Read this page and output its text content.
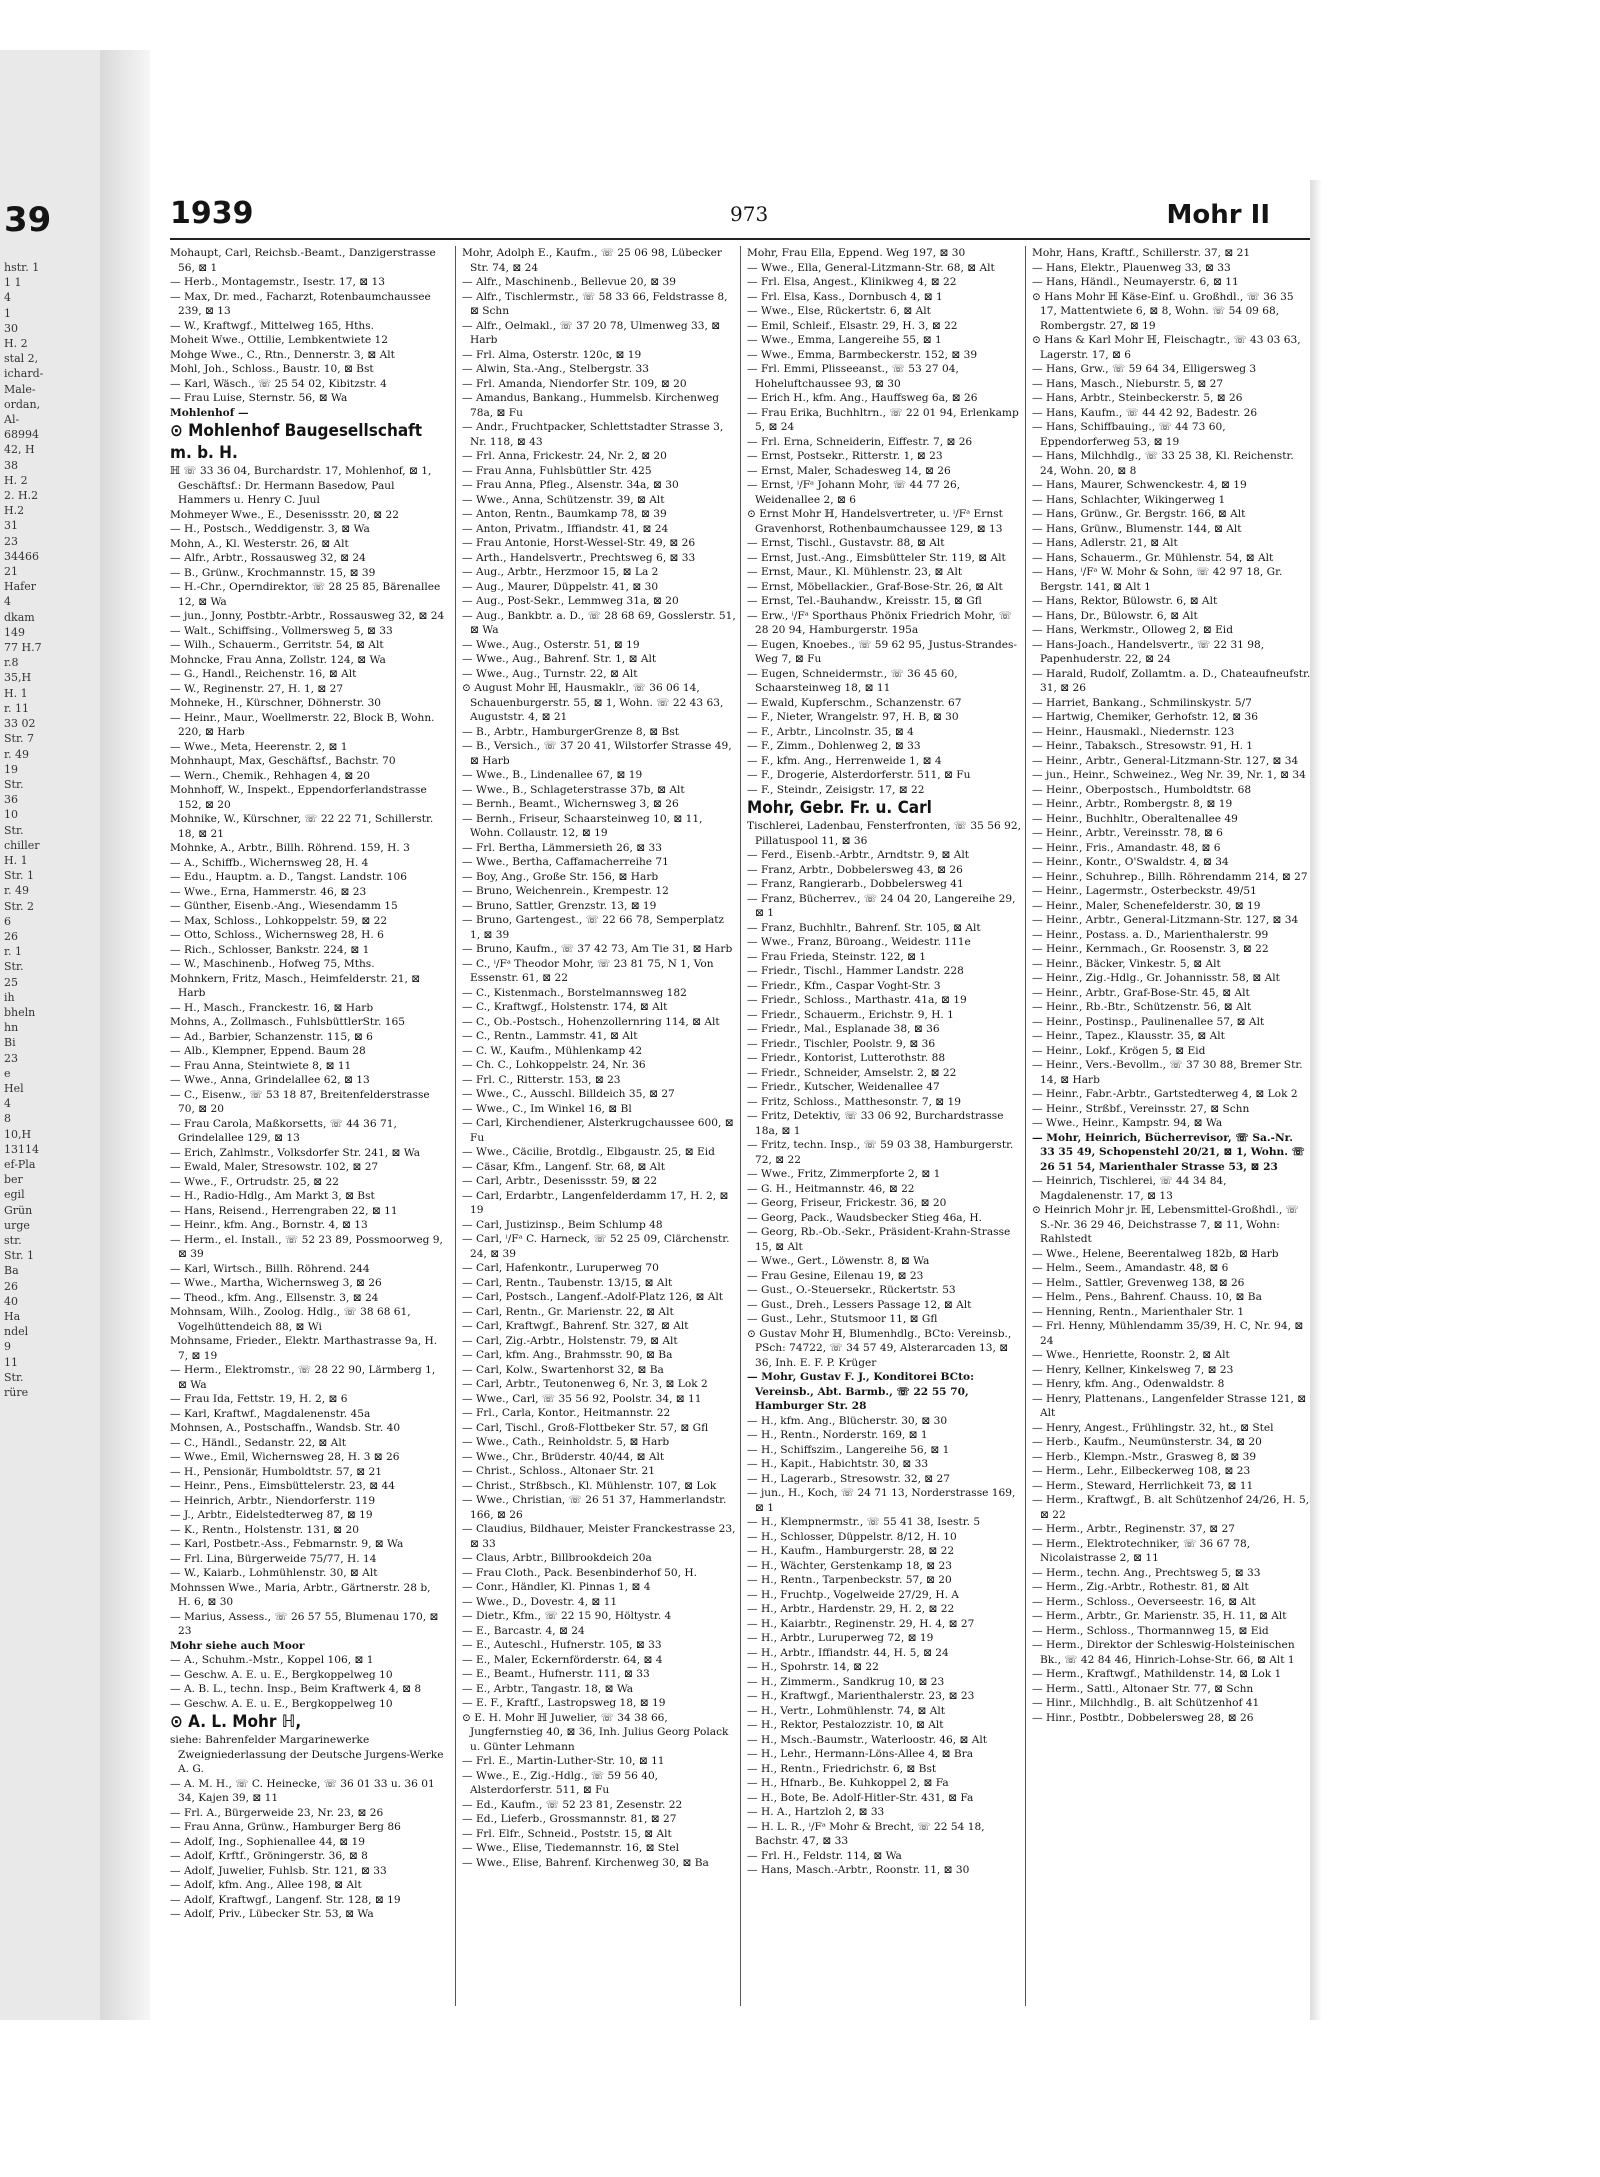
39
hstr. 1
1 1
4
1
30
H. 2
stal 2,
ichard-
Male-
ordan,
Al-
68994
42, H
38
H. 2
2. H.2
H.2
31
23
34466
21
Hafer
4
dkam
149
77 H.7
r.8
35,H
H. 1
r. 11
33 02
Str. 7
r. 49
19
Str.
36
10
Str.
chiller
H. 1
Str. 1
r. 49
Str. 2
6
26
r. 1
Str.
25
ih
bheln
hn
Bi
23
e
Hel
4
8
10,H
13114
ef-Pla
ber
egil
Grün
urge
str.
Str. 1
Ba
26
40
Ha
ndel
9
11
Str.
rüre
1939	973	Mohr II

Mohaupt, Carl, Reichsb.-Beamt., Danzigerstrasse 56, ⊠ 1

— Herb., Montagemstr., Isestr. 17, ⊠ 13

— Max, Dr. med., Facharzt, Rotenbaumchaussee 239, ⊠ 13

— W., Kraftwgf., Mittelweg 165, Hths.

Moheit Wwe., Ottilie, Lembkentwiete 12

Mohge Wwe., C., Rtn., Dennerstr. 3, ⊠ Alt

Mohl, Joh., Schloss., Baustr. 10, ⊠ Bst

— Karl, Wäsch., ☏ 25 54 02, Kibitzstr. 4

— Frau Luise, Sternstr. 56, ⊠ Wa

Mohlenhof —

⊙ Mohlenhof Baugesellschaft m. b. H.

ℍ ☏ 33 36 04, Burchardstr. 17, Mohlenhof, ⊠ 1, Geschäftsf.: Dr. Hermann Basedow, Paul Hammers u. Henry C. Juul

Mohmeyer Wwe., E., Desenissstr. 20, ⊠ 22

— H., Postsch., Weddigenstr. 3, ⊠ Wa

Mohn, A., Kl. Westerstr. 26, ⊠ Alt

— Alfr., Arbtr., Rossausweg 32, ⊠ 24

— B., Grünw., Krochmannstr. 15, ⊠ 39

— H.-Chr., Operndirektor, ☏ 28 25 85, Bärenallee 12, ⊠ Wa

— jun., Jonny, Postbtr.-Arbtr., Rossausweg 32, ⊠ 24

— Walt., Schiffsing., Vollmersweg 5, ⊠ 33

— Wilh., Schauerm., Gerritstr. 54, ⊠ Alt

Mohncke, Frau Anna, Zollstr. 124, ⊠ Wa

— G., Handl., Reichenstr. 16, ⊠ Alt

— W., Reginenstr. 27, H. 1, ⊠ 27

Mohneke, H., Kürschner, Döhnerstr. 30

— Heinr., Maur., Woellmerstr. 22, Block B, Wohn. 220, ⊠ Harb

— Wwe., Meta, Heerenstr. 2, ⊠ 1

Mohnhaupt, Max, Geschäftsf., Bachstr. 70

— Wern., Chemik., Rehhagen 4, ⊠ 20

Mohnhoff, W., Inspekt., Eppendorferlandstrasse 152, ⊠ 20

Mohnike, W., Kürschner, ☏ 22 22 71, Schillerstr. 18, ⊠ 21

Mohnke, A., Arbtr., Billh. Röhrend. 159, H. 3

— A., Schiffb., Wichernsweg 28, H. 4

— Edu., Hauptm. a. D., Tangst. Landstr. 106

— Wwe., Erna, Hammerstr. 46, ⊠ 23

— Günther, Eisenb.-Ang., Wiesendamm 15

— Max, Schloss., Lohkoppelstr. 59, ⊠ 22

— Otto, Schloss., Wichernsweg 28, H. 6

— Rich., Schlosser, Bankstr. 224, ⊠ 1

— W., Maschinenb., Hofweg 75, Mths.

Mohnkern, Fritz, Masch., Heimfelderstr. 21, ⊠ Harb

— H., Masch., Franckestr. 16, ⊠ Harb

Mohns, A., Zollmasch., FuhlsbüttlerStr. 165

— Ad., Barbier, Schanzenstr. 115, ⊠ 6

— Alb., Klempner, Eppend. Baum 28

— Frau Anna, Steintwiete 8, ⊠ 11

— Wwe., Anna, Grindelallee 62, ⊠ 13

— C., Eisenw., ☏ 53 18 87, Breitenfelderstrasse 70, ⊠ 20

— Frau Carola, Maßkorsetts, ☏ 44 36 71, Grindelallee 129, ⊠ 13

— Erich, Zahlmstr., Volksdorfer Str. 241, ⊠ Wa

— Ewald, Maler, Stresowstr. 102, ⊠ 27

— Wwe., F., Ortrudstr. 25, ⊠ 22

— H., Radio-Hdlg., Am Markt 3, ⊠ Bst

— Hans, Reisend., Herrengraben 22, ⊠ 11

— Heinr., kfm. Ang., Bornstr. 4, ⊠ 13

— Herm., el. Install., ☏ 52 23 89, Possmoorweg 9, ⊠ 39

— Karl, Wirtsch., Billh. Röhrend. 244

— Wwe., Martha, Wichernsweg 3, ⊠ 26

— Theod., kfm. Ang., Ellsenstr. 3, ⊠ 24

Mohnsam, Wilh., Zoolog. Hdlg., ☏ 38 68 61, Vogelhüttendeich 88, ⊠ Wi

Mohnsame, Frieder., Elektr. Marthastrasse 9a, H. 7, ⊠ 19

— Herm., Elektromstr., ☏ 28 22 90, Lärmberg 1, ⊠ Wa

— Frau Ida, Fettstr. 19, H. 2, ⊠ 6

— Karl, Kraftwf., Magdalenenstr. 45a

Mohnsen, A., Postschaffn., Wandsb. Str. 40

— C., Händl., Sedanstr. 22, ⊠ Alt

— Wwe., Emil, Wichernsweg 28, H. 3 ⊠ 26

— H., Pensionär, Humboldtstr. 57, ⊠ 21

— Heinr., Pens., Eimsbüttelerstr. 23, ⊠ 44

— Heinrich, Arbtr., Niendorferstr. 119

— J., Arbtr., Eidelstedterweg 87, ⊠ 19

— K., Rentn., Holstenstr. 131, ⊠ 20

— Karl, Postbetr.-Ass., Febmarnstr. 9, ⊠ Wa

— Frl. Lina, Bürgerweide 75/77, H. 14

— W., Kaiarb., Lohmühlenstr. 30, ⊠ Alt

Mohnssen Wwe., Maria, Arbtr., Gärtnerstr. 28 b, H. 6, ⊠ 30

— Marius, Assess., ☏ 26 57 55, Blumenau 170, ⊠ 23

Mohr siehe auch Moor

— A., Schuhm.-Mstr., Koppel 106, ⊠ 1

— Geschw. A. E. u. E., Bergkoppelweg 10

— A. B. L., techn. Insp., Beim Kraftwerk 4, ⊠ 8

— Geschw. A. E. u. E., Bergkoppelweg 10

⊙ A. L. Mohr ℍ,

siehe: Bahrenfelder Margarinewerke Zweigniederlassung der Deutsche Jurgens-Werke A. G.

— A. M. H., ☏ C. Heinecke, ☏ 36 01 33 u. 36 01 34, Kajen 39, ⊠ 11

— Frl. A., Bürgerweide 23, Nr. 23, ⊠ 26

— Frau Anna, Grünw., Hamburger Berg 86

— Adolf, Ing., Sophienallee 44, ⊠ 19

— Adolf, Krftf., Gröningerstr. 36, ⊠ 8

— Adolf, Juwelier, Fuhlsb. Str. 121, ⊠ 33

— Adolf, kfm. Ang., Allee 198, ⊠ Alt

— Adolf, Kraftwgf., Langenf. Str. 128, ⊠ 19

— Adolf, Priv., Lübecker Str. 53, ⊠ Wa

Mohr, Adolph E., Kaufm., ☏ 25 06 98, Lübecker Str. 74, ⊠ 24

— Alfr., Maschinenb., Bellevue 20, ⊠ 39

— Alfr., Tischlermstr., ☏ 58 33 66, Feldstrasse 8, ⊠ Schn

— Alfr., Oelmakl., ☏ 37 20 78, Ulmenweg 33, ⊠ Harb

— Frl. Alma, Osterstr. 120c, ⊠ 19

— Alwin, Sta.-Ang., Stelbergstr. 33

— Frl. Amanda, Niendorfer Str. 109, ⊠ 20

— Amandus, Bankang., Hummelsb. Kirchenweg 78a, ⊠ Fu

— Andr., Fruchtpacker, Schlettstadter Strasse 3, Nr. 118, ⊠ 43

— Frl. Anna, Frickestr. 24, Nr. 2, ⊠ 20

— Frau Anna, Fuhlsbüttler Str. 425

— Frau Anna, Pfleg., Alsenstr. 34a, ⊠ 30

— Wwe., Anna, Schützenstr. 39, ⊠ Alt

— Anton, Rentn., Baumkamp 78, ⊠ 39

— Anton, Privatm., Iffiandstr. 41, ⊠ 24

— Frau Antonie, Horst-Wessel-Str. 49, ⊠ 26

— Arth., Handelsvertr., Prechtsweg 6, ⊠ 33

— Aug., Arbtr., Herzmoor 15, ⊠ La 2

— Aug., Maurer, Düppelstr. 41, ⊠ 30

— Aug., Post-Sekr., Lemmweg 31a, ⊠ 20

— Aug., Bankbtr. a. D., ☏ 28 68 69, Gosslerstr. 51, ⊠ Wa

— Wwe., Aug., Osterstr. 51, ⊠ 19

— Wwe., Aug., Bahrenf. Str. 1, ⊠ Alt

— Wwe., Aug., Turnstr. 22, ⊠ Alt

⊙ August Mohr ℍ, Hausmaklr., ☏ 36 06 14, Schauenburgerstr. 55, ⊠ 1, Wohn. ☏ 22 43 63, Auguststr. 4, ⊠ 21

— B., Arbtr., HamburgerGrenze 8, ⊠ Bst

— B., Versich., ☏ 37 20 41, Wilstorfer Strasse 49, ⊠ Harb

— Wwe., B., Lindenallee 67, ⊠ 19

— Wwe., B., Schlageterstrasse 37b, ⊠ Alt

— Bernh., Beamt., Wichernsweg 3, ⊠ 26

— Bernh., Friseur, Schaarsteinweg 10, ⊠ 11, Wohn. Collaustr. 12, ⊠ 19

— Frl. Bertha, Lämmersieth 26, ⊠ 33

— Wwe., Bertha, Caffamacherreihe 71

— Boy, Ang., Große Str. 156, ⊠ Harb

— Bruno, Weichenrein., Krempestr. 12

— Bruno, Sattler, Grenzstr. 13, ⊠ 19

— Bruno, Gartengest., ☏ 22 66 78, Semperplatz 1, ⊠ 39

— Bruno, Kaufm., ☏ 37 42 73, Am Tie 31, ⊠ Harb

— C., ⁱ/Fᵃ Theodor Mohr, ☏ 23 81 75, N 1, Von Essenstr. 61, ⊠ 22

— C., Kistenmach., Borstelmannsweg 182

— C., Kraftwgf., Holstenstr. 174, ⊠ Alt

— C., Ob.-Postsch., Hohenzollernring 114, ⊠ Alt

— C., Rentn., Lammstr. 41, ⊠ Alt

— C. W., Kaufm., Mühlenkamp 42

— Ch. C., Lohkoppelstr. 24, Nr. 36

— Frl. C., Ritterstr. 153, ⊠ 23

— Wwe., C., Ausschl. Billdeich 35, ⊠ 27

— Wwe., C., Im Winkel 16, ⊠ Bl

— Carl, Kirchendiener, Alsterkrugchaussee 600, ⊠ Fu

— Wwe., Cäcilie, Brotdlg., Elbgaustr. 25, ⊠ Eid

— Cäsar, Kfm., Langenf. Str. 68, ⊠ Alt

— Carl, Arbtr., Desenissstr. 59, ⊠ 22

— Carl, Erdarbtr., Langenfelderdamm 17, H. 2, ⊠ 19

— Carl, Justizinsp., Beim Schlump 48

— Carl, ⁱ/Fᵃ C. Harneck, ☏ 52 25 09, Clärchenstr. 24, ⊠ 39

— Carl, Hafenkontr., Luruperweg 70

— Carl, Rentn., Taubenstr. 13/15, ⊠ Alt

— Carl, Postsch., Langenf.-Adolf-Platz 126, ⊠ Alt

— Carl, Rentn., Gr. Marienstr. 22, ⊠ Alt

— Carl, Kraftwgf., Bahrenf. Str. 327, ⊠ Alt

— Carl, Zig.-Arbtr., Holstenstr. 79, ⊠ Alt

— Carl, kfm. Ang., Brahmsstr. 90, ⊠ Ba

— Carl, Kolw., Swartenhorst 32, ⊠ Ba

— Carl, Arbtr., Teutonenweg 6, Nr. 3, ⊠ Lok 2

— Wwe., Carl, ☏ 35 56 92, Poolstr. 34, ⊠ 11

— Frl., Carla, Kontor., Heitmannstr. 22

— Carl, Tischl., Groß-Flottbeker Str. 57, ⊠ Gfl

— Wwe., Cath., Reinholdstr. 5, ⊠ Harb

— Wwe., Chr., Brüderstr. 40/44, ⊠ Alt

— Christ., Schloss., Altonaer Str. 21

— Christ., Strßbsch., Kl. Mühlenstr. 107, ⊠ Lok

— Wwe., Christian, ☏ 26 51 37, Hammerlandstr. 166, ⊠ 26

— Claudius, Bildhauer, Meister Franckestrasse 23, ⊠ 33

— Claus, Arbtr., Billbrookdeich 20a

— Frau Cloth., Pack. Besenbinderhof 50, H.

— Conr., Händler, Kl. Pinnas 1, ⊠ 4

— Wwe., D., Dovestr. 4, ⊠ 11

— Dietr., Kfm., ☏ 22 15 90, Höltystr. 4

— E., Barcastr. 4, ⊠ 24

— E., Auteschl., Hufnerstr. 105, ⊠ 33

— E., Maler, Eckernförderstr. 64, ⊠ 4

— E., Beamt., Hufnerstr. 111, ⊠ 33

— E., Arbtr., Tangastr. 18, ⊠ Wa

— E. F., Kraftf., Lastropsweg 18, ⊠ 19

⊙ E. H. Mohr ℍ Juwelier, ☏ 34 38 66, Jungfernstieg 40, ⊠ 36, Inh. Julius Georg Polack u. Günter Lehmann

— Frl. E., Martin-Luther-Str. 10, ⊠ 11

— Wwe., E., Zig.-Hdlg., ☏ 59 56 40, Alsterdorferstr. 511, ⊠ Fu

— Ed., Kaufm., ☏ 52 23 81, Zesenstr. 22

— Ed., Lieferb., Grossmannstr. 81, ⊠ 27

— Frl. Elfr., Schneid., Poststr. 15, ⊠ Alt

— Wwe., Elise, Tiedemannstr. 16, ⊠ Stel

— Wwe., Elise, Bahrenf. Kirchenweg 30, ⊠ Ba

Mohr, Frau Ella, Eppend. Weg 197, ⊠ 30

— Wwe., Ella, General-Litzmann-Str. 68, ⊠ Alt

— Frl. Elsa, Angest., Klinikweg 4, ⊠ 22

— Frl. Elsa, Kass., Dornbusch 4, ⊠ 1

— Wwe., Else, Rückertstr. 6, ⊠ Alt

— Emil, Schleif., Elsastr. 29, H. 3, ⊠ 22

— Wwe., Emma, Langereihe 55, ⊠ 1

— Wwe., Emma, Barmbeckerstr. 152, ⊠ 39

— Frl. Emmi, Plisseeanst., ☏ 53 27 04, Hoheluftchaussee 93, ⊠ 30

— Erich H., kfm. Ang., Hauffsweg 6a, ⊠ 26

— Frau Erika, Buchhltrn., ☏ 22 01 94, Erlenkamp 5, ⊠ 24

— Frl. Erna, Schneiderin, Eiffestr. 7, ⊠ 26

— Ernst, Postsekr., Ritterstr. 1, ⊠ 23

— Ernst, Maler, Schadesweg 14, ⊠ 26

— Ernst, ⁱ/Fᵃ Johann Mohr, ☏ 44 77 26, Weidenallee 2, ⊠ 6

⊙ Ernst Mohr ℍ, Handelsvertreter, u. ⁱ/Fᵃ Ernst Gravenhorst, Rothenbaumchaussee 129, ⊠ 13

— Ernst, Tischl., Gustavstr. 88, ⊠ Alt

— Ernst, Just.-Ang., Eimsbütteler Str. 119, ⊠ Alt

— Ernst, Maur., Kl. Mühlenstr. 23, ⊠ Alt

— Ernst, Möbellackier., Graf-Bose-Str. 26, ⊠ Alt

— Ernst, Tel.-Bauhandw., Kreisstr. 15, ⊠ Gfl

— Erw., ⁱ/Fᵃ Sporthaus Phönix Friedrich Mohr, ☏ 28 20 94, Hamburgerstr. 195a

— Eugen, Knoebes., ☏ 59 62 95, Justus-Strandes-Weg 7, ⊠ Fu

— Eugen, Schneidermstr., ☏ 36 45 60, Schaarsteinweg 18, ⊠ 11

— Ewald, Kupferschm., Schanzenstr. 67

— F., Nieter, Wrangelstr. 97, H. B, ⊠ 30

— F., Arbtr., Lincolnstr. 35, ⊠ 4

— F., Zimm., Dohlenweg 2, ⊠ 33

— F., kfm. Ang., Herrenweide 1, ⊠ 4

— F., Drogerie, Alsterdorferstr. 511, ⊠ Fu

— F., Steindr., Zeisigstr. 17, ⊠ 22

Mohr, Gebr. Fr. u. Carl

Tischlerei, Ladenbau, Fensterfronten, ☏ 35 56 92, Pillatuspool 11, ⊠ 36

— Ferd., Eisenb.-Arbtr., Arndtstr. 9, ⊠ Alt

— Franz, Arbtr., Dobbelersweg 43, ⊠ 26

— Franz, Rangierarb., Dobbelersweg 41

— Franz, Bücherrev., ☏ 24 04 20, Langereihe 29, ⊠ 1

— Franz, Buchhltr., Bahrenf. Str. 105, ⊠ Alt

— Wwe., Franz, Büroang., Weidestr. 111e

— Frau Frieda, Steinstr. 122, ⊠ 1

— Friedr., Tischl., Hammer Landstr. 228

— Friedr., Kfm., Caspar Voght-Str. 3

— Friedr., Schloss., Marthastr. 41a, ⊠ 19

— Friedr., Schauerm., Erichstr. 9, H. 1

— Friedr., Mal., Esplanade 38, ⊠ 36

— Friedr., Tischler, Poolstr. 9, ⊠ 36

— Friedr., Kontorist, Lutterothstr. 88

— Friedr., Schneider, Amselstr. 2, ⊠ 22

— Friedr., Kutscher, Weidenallee 47

— Fritz, Schloss., Matthesonstr. 7, ⊠ 19

— Fritz, Detektiv, ☏ 33 06 92, Burchardstrasse 18a, ⊠ 1

— Fritz, techn. Insp., ☏ 59 03 38, Hamburgerstr. 72, ⊠ 22

— Wwe., Fritz, Zimmerpforte 2, ⊠ 1

— G. H., Heitmannstr. 46, ⊠ 22

— Georg, Friseur, Frickestr. 36, ⊠ 20

— Georg, Pack., Waudsbecker Stieg 46a, H.

— Georg, Rb.-Ob.-Sekr., Präsident-Krahn-Strasse 15, ⊠ Alt

— Wwe., Gert., Löwenstr. 8, ⊠ Wa

— Frau Gesine, Eilenau 19, ⊠ 23

— Gust., O.-Steuersekr., Rückertstr. 53

— Gust., Dreh., Lessers Passage 12, ⊠ Alt

— Gust., Lehr., Stutsmoor 11, ⊠ Gfl

⊙ Gustav Mohr ℍ, Blumenhdlg., BCto: Vereinsb., PSch: 74722, ☏ 34 57 49, Alsterarcaden 13, ⊠ 36, Inh. E. F. P. Krüger

— Mohr, Gustav F. J., Konditorei BCto: Vereinsb., Abt. Barmb., ☏ 22 55 70, Hamburger Str. 28

— H., kfm. Ang., Blücherstr. 30, ⊠ 30

— H., Rentn., Norderstr. 169, ⊠ 1

— H., Schiffszim., Langereihe 56, ⊠ 1

— H., Kapit., Habichtstr. 30, ⊠ 33

— H., Lagerarb., Stresowstr. 32, ⊠ 27

— jun., H., Koch, ☏ 24 71 13, Norderstrasse 169, ⊠ 1

— H., Klempnermstr., ☏ 55 41 38, Isestr. 5

— H., Schlosser, Düppelstr. 8/12, H. 10

— H., Kaufm., Hamburgerstr. 28, ⊠ 22

— H., Wächter, Gerstenkamp 18, ⊠ 23

— H., Rentn., Tarpenbeckstr. 57, ⊠ 20

— H., Fruchtp., Vogelweide 27/29, H. A

— H., Arbtr., Hardenstr. 29, H. 2, ⊠ 22

— H., Kaiarbtr., Reginenstr. 29, H. 4, ⊠ 27

— H., Arbtr., Luruperweg 72, ⊠ 19

— H., Arbtr., Iffiandstr. 44, H. 5, ⊠ 24

— H., Spohrstr. 14, ⊠ 22

— H., Zimmerm., Sandkrug 10, ⊠ 23

— H., Kraftwgf., Marienthalerstr. 23, ⊠ 23

— H., Vertr., Lohmühlenstr. 74, ⊠ Alt

— H., Rektor, Pestalozzistr. 10, ⊠ Alt

— H., Msch.-Baumstr., Waterloostr. 46, ⊠ Alt

— H., Lehr., Hermann-Löns-Allee 4, ⊠ Bra

— H., Rentn., Friedrichstr. 6, ⊠ Bst

— H., Hfnarb., Be. Kuhkoppel 2, ⊠ Fa

— H., Bote, Be. Adolf-Hitler-Str. 431, ⊠ Fa

— H. A., Hartzloh 2, ⊠ 33

— H. L. R., ⁱ/Fᵃ Mohr & Brecht, ☏ 22 54 18, Bachstr. 47, ⊠ 33

— Frl. H., Feldstr. 114, ⊠ Wa

— Hans, Masch.-Arbtr., Roonstr. 11, ⊠ 30

Mohr, Hans, Kraftf., Schillerstr. 37, ⊠ 21

— Hans, Elektr., Plauenweg 33, ⊠ 33

— Hans, Händl., Neumayerstr. 6, ⊠ 11

⊙ Hans Mohr ℍ Käse-Einf. u. Großhdl., ☏ 36 35 17, Mattentwiete 6, ⊠ 8, Wohn. ☏ 54 09 68, Rombergstr. 27, ⊠ 19

⊙ Hans & Karl Mohr ℍ, Fleischagtr., ☏ 43 03 63, Lagerstr. 17, ⊠ 6

— Hans, Grw., ☏ 59 64 34, Elligersweg 3

— Hans, Masch., Nieburstr. 5, ⊠ 27

— Hans, Arbtr., Steinbeckerstr. 5, ⊠ 26

— Hans, Kaufm., ☏ 44 42 92, Badestr. 26

— Hans, Schiffbauing., ☏ 44 73 60, Eppendorferweg 53, ⊠ 19

— Hans, Milchhdlg., ☏ 33 25 38, Kl. Reichenstr. 24, Wohn. 20, ⊠ 8

— Hans, Maurer, Schwenckestr. 4, ⊠ 19

— Hans, Schlachter, Wikingerweg 1

— Hans, Grünw., Gr. Bergstr. 166, ⊠ Alt

— Hans, Grünw., Blumenstr. 144, ⊠ Alt

— Hans, Adlerstr. 21, ⊠ Alt

— Hans, Schauerm., Gr. Mühlenstr. 54, ⊠ Alt

— Hans, ⁱ/Fᵃ W. Mohr & Sohn, ☏ 42 97 18, Gr. Bergstr. 141, ⊠ Alt 1

— Hans, Rektor, Bülowstr. 6, ⊠ Alt

— Hans, Dr., Bülowstr. 6, ⊠ Alt

— Hans, Werkmstr., Olloweg 2, ⊠ Eid

— Hans-Joach., Handelsvertr., ☏ 22 31 98, Papenhuderstr. 22, ⊠ 24

— Harald, Rudolf, Zollamtm. a. D., Chateaufneufstr. 31, ⊠ 26

— Harriet, Bankang., Schmilinskystr. 5/7

— Hartwig, Chemiker, Gerhofstr. 12, ⊠ 36

— Heinr., Hausmakl., Niedernstr. 123

— Heinr., Tabaksch., Stresowstr. 91, H. 1

— Heinr., Arbtr., General-Litzmann-Str. 127, ⊠ 34

— jun., Heinr., Schweinez., Weg Nr. 39, Nr. 1, ⊠ 34

— Heinr., Oberpostsch., Humboldtstr. 68

— Heinr., Arbtr., Rombergstr. 8, ⊠ 19

— Heinr., Buchhltr., Oberaltenallee 49

— Heinr., Arbtr., Vereinsstr. 78, ⊠ 6

— Heinr., Fris., Amandastr. 48, ⊠ 6

— Heinr., Kontr., O'Swaldstr. 4, ⊠ 34

— Heinr., Schuhrep., Billh. Röhrendamm 214, ⊠ 27

— Heinr., Lagermstr., Osterbeckstr. 49/51

— Heinr., Maler, Schenefelderstr. 30, ⊠ 19

— Heinr., Arbtr., General-Litzmann-Str. 127, ⊠ 34

— Heinr., Postass. a. D., Marienthalerstr. 99

— Heinr., Kernmach., Gr. Roosenstr. 3, ⊠ 22

— Heinr., Bäcker, Vinkestr. 5, ⊠ Alt

— Heinr., Zig.-Hdlg., Gr. Johannisstr. 58, ⊠ Alt

— Heinr., Arbtr., Graf-Bose-Str. 45, ⊠ Alt

— Heinr., Rb.-Btr., Schützenstr. 56, ⊠ Alt

— Heinr., Postinsp., Paulinenallee 57, ⊠ Alt

— Heinr., Tapez., Klausstr. 35, ⊠ Alt

— Heinr., Lokf., Krögen 5, ⊠ Eid

— Heinr., Vers.-Bevollm., ☏ 37 30 88, Bremer Str. 14, ⊠ Harb

— Heinr., Fabr.-Arbtr., Gartstedterweg 4, ⊠ Lok 2

— Heinr., Strßbf., Vereinsstr. 27, ⊠ Schn

— Wwe., Heinr., Kampstr. 94, ⊠ Wa

— Mohr, Heinrich, Bücherrevisor, ☏ Sa.-Nr. 33 35 49, Schopenstehl 20/21, ⊠ 1, Wohn. ☏ 26 51 54, Marienthaler Strasse 53, ⊠ 23

— Heinrich, Tischlerei, ☏ 44 34 84, Magdalenenstr. 17, ⊠ 13

⊙ Heinrich Mohr jr. ℍ, Lebensmittel-Großhdl., ☏ S.-Nr. 36 29 46, Deichstrasse 7, ⊠ 11, Wohn: Rahlstedt

— Wwe., Helene, Beerentalweg 182b, ⊠ Harb

— Helm., Seem., Amandastr. 48, ⊠ 6

— Helm., Sattler, Grevenweg 138, ⊠ 26

— Helm., Pens., Bahrenf. Chauss. 10, ⊠ Ba

— Henning, Rentn., Marienthaler Str. 1

— Frl. Henny, Mühlendamm 35/39, H. C, Nr. 94, ⊠ 24

— Wwe., Henriette, Roonstr. 2, ⊠ Alt

— Henry, Kellner, Kinkelsweg 7, ⊠ 23

— Henry, kfm. Ang., Odenwaldstr. 8

— Henry, Plattenans., Langenfelder Strasse 121, ⊠ Alt

— Henry, Angest., Frühlingstr. 32, ht., ⊠ Stel

— Herb., Kaufm., Neumünsterstr. 34, ⊠ 20

— Herb., Klempn.-Mstr., Grasweg 8, ⊠ 39

— Herm., Lehr., Eilbeckerweg 108, ⊠ 23

— Herm., Steward, Herrlichkeit 73, ⊠ 11

— Herm., Kraftwgf., B. alt Schützenhof 24/26, H. 5, ⊠ 22

— Herm., Arbtr., Reginenstr. 37, ⊠ 27

— Herm., Elektrotechniker, ☏ 36 67 78, Nicolaistrasse 2, ⊠ 11

— Herm., techn. Ang., Prechtsweg 5, ⊠ 33

— Herm., Zig.-Arbtr., Rothestr. 81, ⊠ Alt

— Herm., Schloss., Oeverseestr. 16, ⊠ Alt

— Herm., Arbtr., Gr. Marienstr. 35, H. 11, ⊠ Alt

— Herm., Schloss., Thormannweg 15, ⊠ Eid

— Herm., Direktor der Schleswig-Holsteinischen Bk., ☏ 42 84 46, Hinrich-Lohse-Str. 66, ⊠ Alt 1

— Herm., Kraftwgf., Mathildenstr. 14, ⊠ Lok 1

— Herm., Sattl., Altonaer Str. 77, ⊠ Schn

— Hinr., Milchhdlg., B. alt Schützenhof 41

— Hinr., Postbtr., Dobbelersweg 28, ⊠ 26
